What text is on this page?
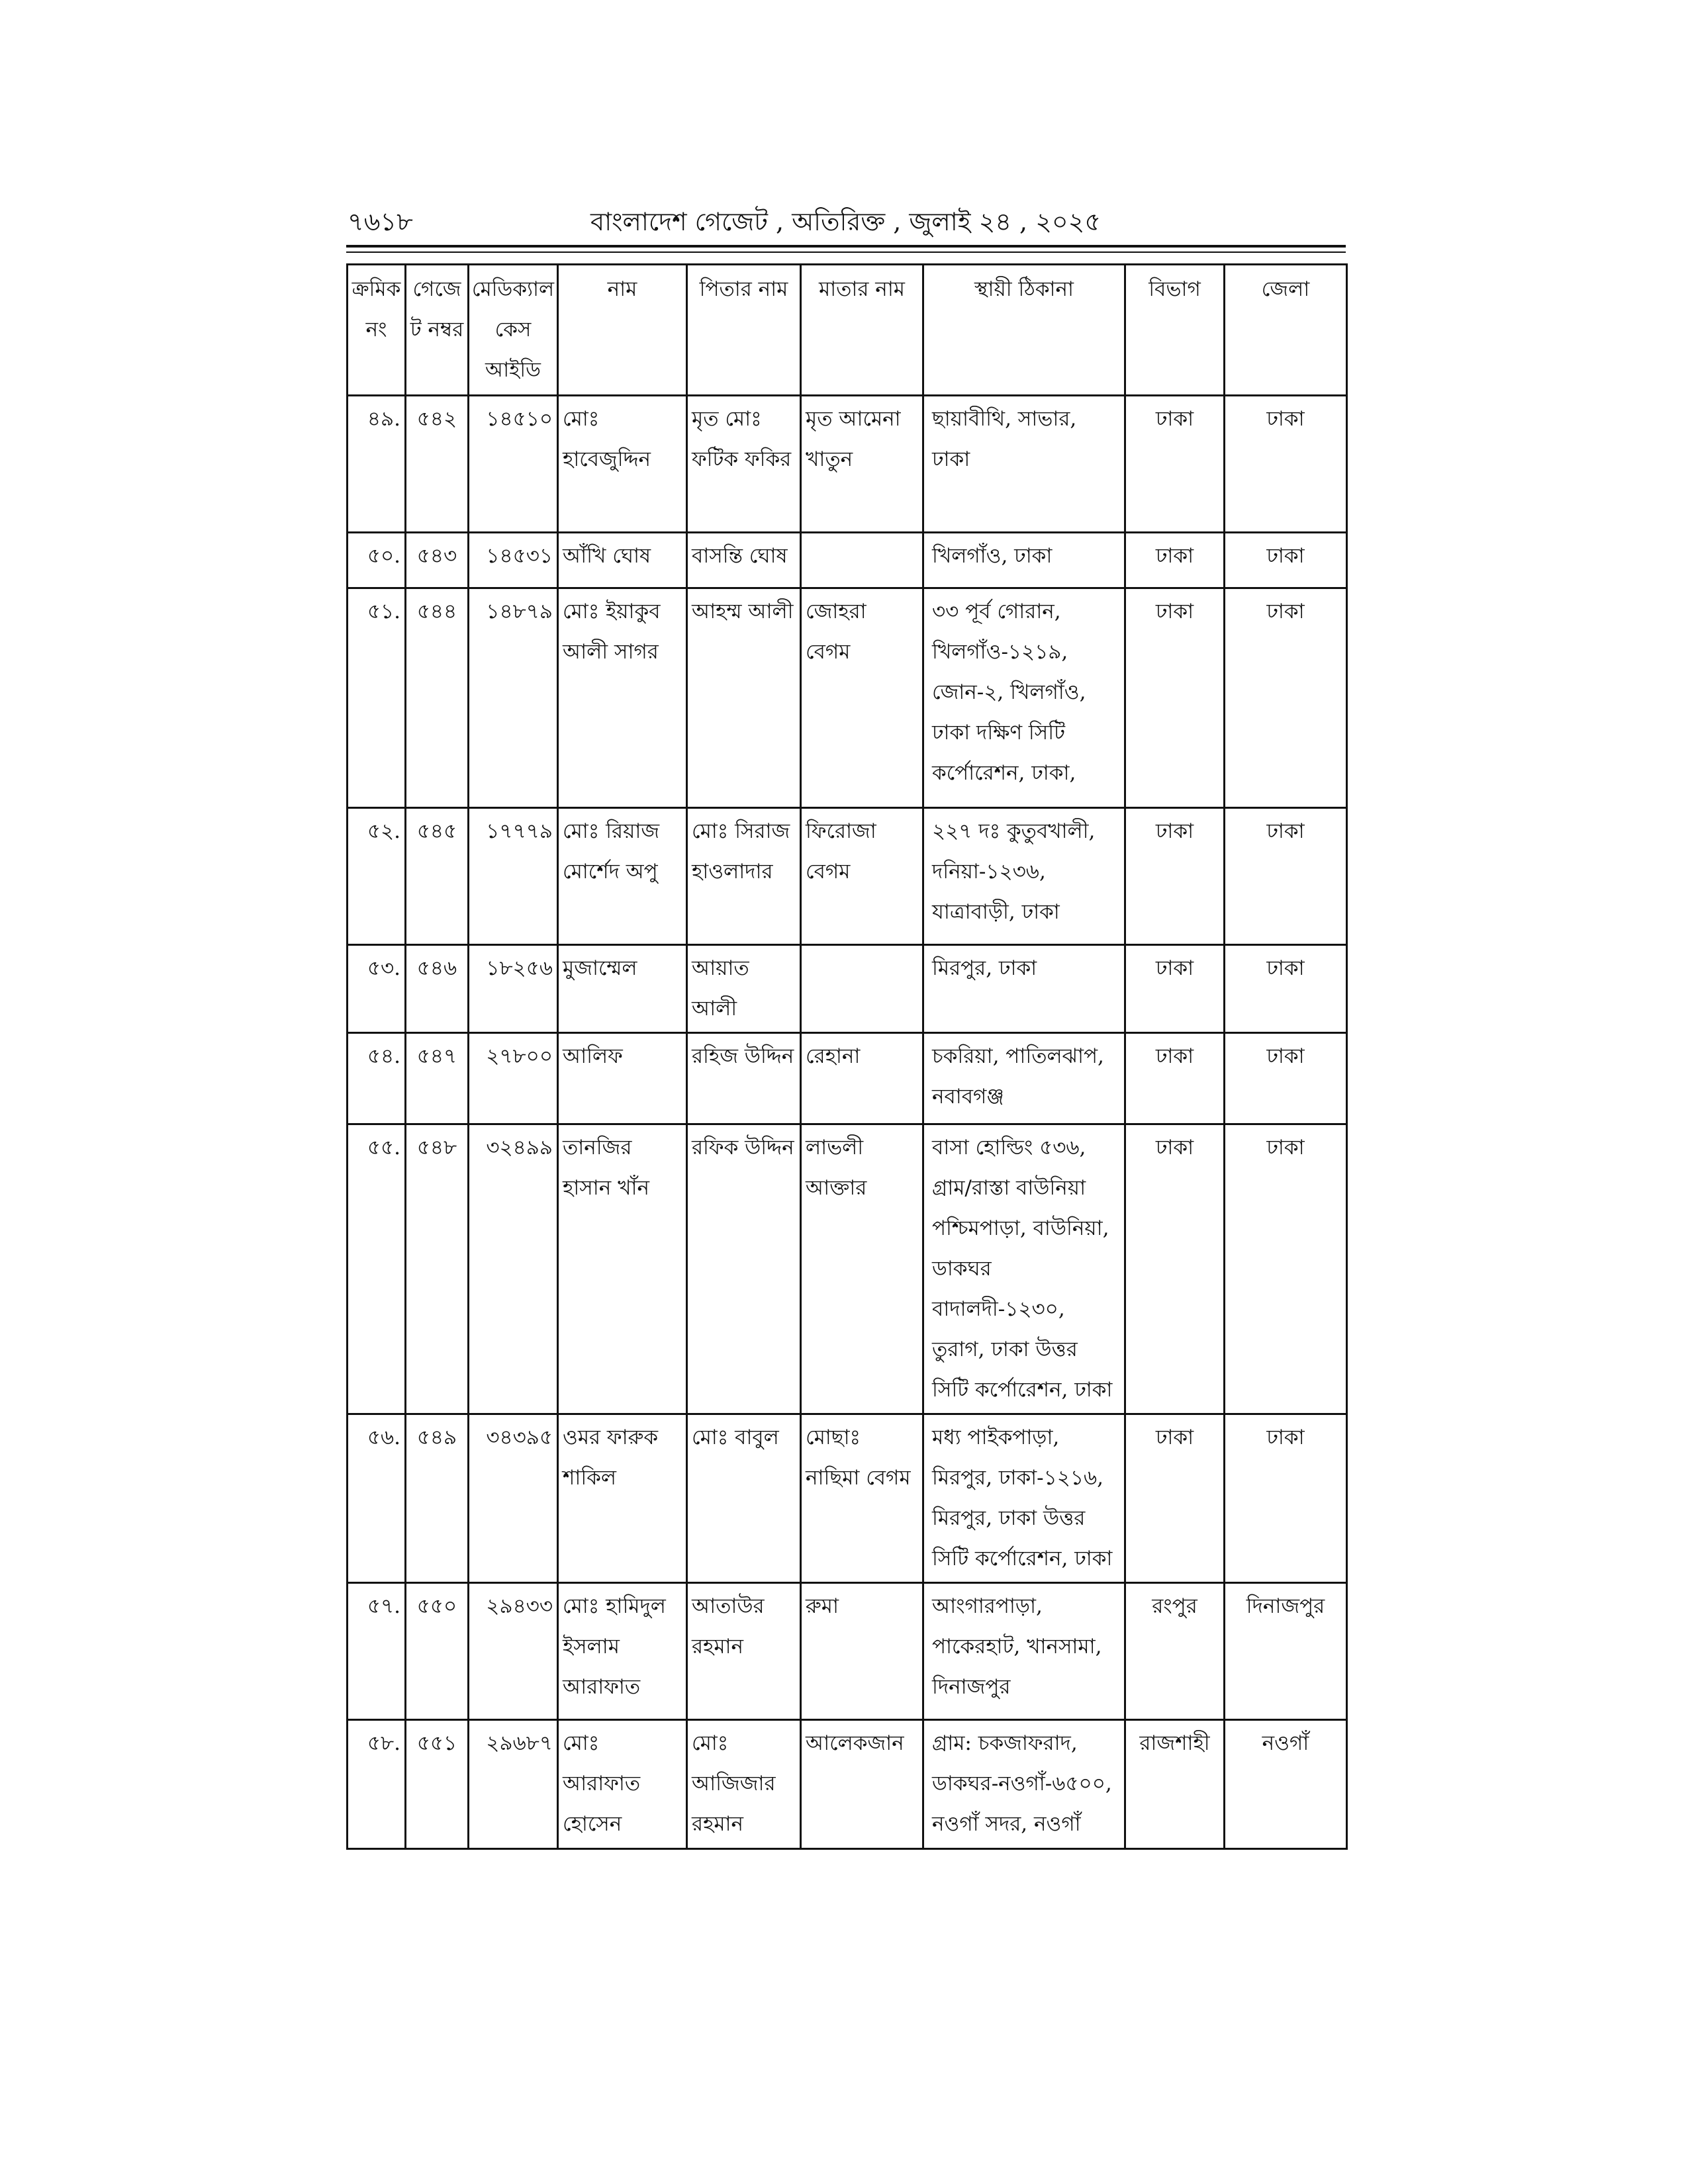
৭৬১৮	বাংলাদেশ গেজেট , অতিরিক্ত , জুলাই ২৪ , ২০২৫
ক্রমিক নং	গেজেট নম্বর	মেডিক্যাল কেস আইডি	নাম	পিতার নাম	মাতার নাম	স্থায়ী ঠিকানা	বিভাগ	জেলা
৪৯.	৫৪২	১৪৫১০	মোঃ হাবেজুদ্দিন	মৃত মোঃ ফটিক ফকির	মৃত আমেনা খাতুন	ছায়াবীথি, সাভার, ঢাকা	ঢাকা	ঢাকা
৫০.	৫৪৩	১৪৫৩১	আঁখি ঘোষ	বাসন্তি ঘোষ		খিলগাঁও, ঢাকা	ঢাকা	ঢাকা
৫১.	৫৪৪	১৪৮৭৯	মোঃ ইয়াকুব আলী সাগর	আহম্ম আলী	জোহরা বেগম	৩৩ পূর্ব গোরান, খিলগাঁও-১২১৯, জোন-২, খিলগাঁও, ঢাকা দক্ষিণ সিটি কর্পোরেশন, ঢাকা,	ঢাকা	ঢাকা
৫২.	৫৪৫	১৭৭৭৯	মোঃ রিয়াজ মোর্শেদ অপু	মোঃ সিরাজ হাওলাদার	ফিরোজা বেগম	২২৭ দঃ কুতুবখালী, দনিয়া-১২৩৬, যাত্রাবাড়ী, ঢাকা	ঢাকা	ঢাকা
৫৩.	৫৪৬	১৮২৫৬	মুজাম্মেল	আয়াত আলী		মিরপুর, ঢাকা	ঢাকা	ঢাকা
৫৪.	৫৪৭	২৭৮০০	আলিফ	রহিজ উদ্দিন	রেহানা	চকরিয়া, পাতিলঝাপ, নবাবগঞ্জ	ঢাকা	ঢাকা
৫৫.	৫৪৮	৩২৪৯৯	তানজির হাসান খাঁন	রফিক উদ্দিন	লাভলী আক্তার	বাসা হোল্ডিং ৫৩৬, গ্রাম/রাস্তা বাউনিয়া পশ্চিমপাড়া, বাউনিয়া, ডাকঘর বাদালদী-১২৩০, তুরাগ, ঢাকা উত্তর সিটি কর্পোরেশন, ঢাকা	ঢাকা	ঢাকা
৫৬.	৫৪৯	৩৪৩৯৫	ওমর ফারুক শাকিল	মোঃ বাবুল	মোছাঃ নাছিমা বেগম	মধ্য পাইকপাড়া, মিরপুর, ঢাকা-১২১৬, মিরপুর, ঢাকা উত্তর সিটি কর্পোরেশন, ঢাকা	ঢাকা	ঢাকা
৫৭.	৫৫০	২৯৪৩৩	মোঃ হামিদুল ইসলাম আরাফাত	আতাউর রহমান	রুমা	আংগারপাড়া, পাকেরহাট, খানসামা, দিনাজপুর	রংপুর	দিনাজপুর
৫৮.	৫৫১	২৯৬৮৭	মোঃ আরাফাত হোসেন	মোঃ আজিজার রহমান	আলেকজান	গ্রাম: চকজাফরাদ, ডাকঘর-নওগাঁ-৬৫০০, নওগাঁ সদর, নওগাঁ	রাজশাহী	নওগাঁ
